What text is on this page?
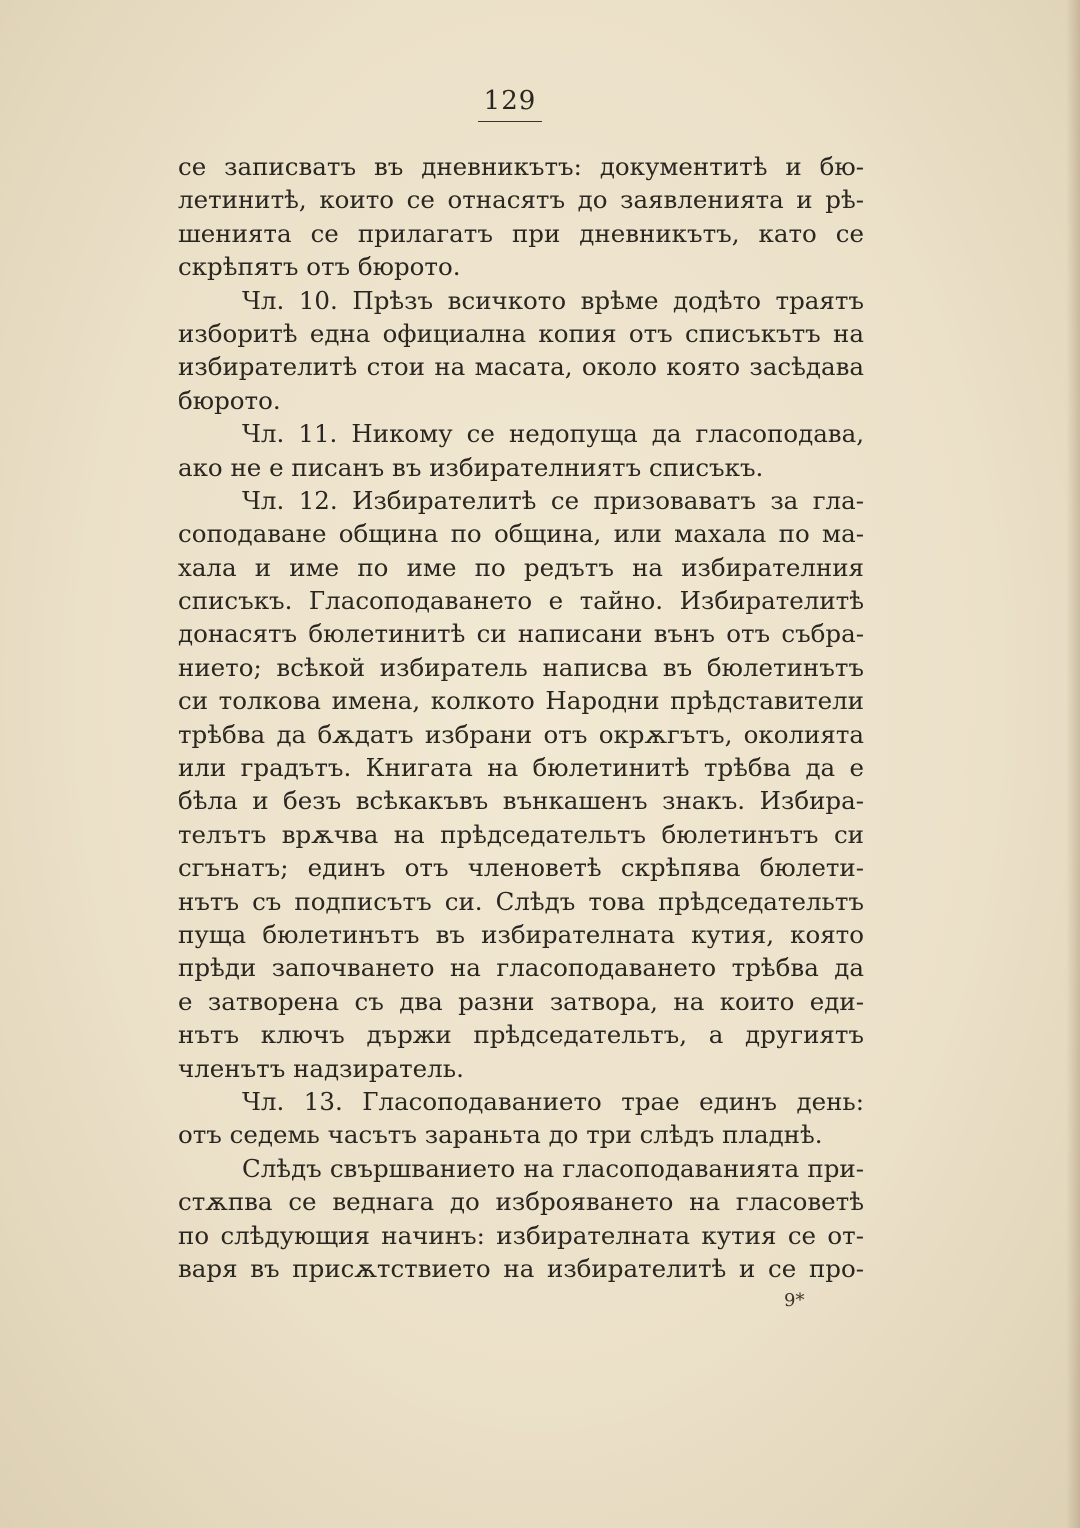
129
се записватъ въ дневникътъ: документитѣ и бю-
летинитѣ, които се отнасятъ до заявленията и рѣ-
шенията се прилагатъ при дневникътъ, като се
скрѣпятъ отъ бюрото.
Чл. 10. Прѣзъ всичкото врѣме додѣто траятъ
изборитѣ една официална копия отъ списъкътъ на
избирателитѣ стои на масата, около която засѣдава
бюрото.
Чл. 11. Никому се недопуща да гласоподава,
ако не е писанъ въ избирателниятъ списъкъ.
Чл. 12. Избирателитѣ се призоваватъ за гла-
соподаване община по община, или махала по ма-
хала и име по име по редътъ на избирателния
списъкъ. Гласоподаването е тайно. Избирателитѣ
донасятъ бюлетинитѣ си написани вънъ отъ събра-
нието; всѣкой избиратель написва въ бюлетинътъ
си толкова имена, колкото Народни прѣдставители
трѣбва да бѫдатъ избрани отъ окрѫгътъ, околията
или градътъ. Книгата на бюлетинитѣ трѣбва да е
бѣла и безъ всѣкакъвъ вънкашенъ знакъ. Избира-
телътъ врѫчва на прѣдседательтъ бюлетинътъ си
сгънатъ; единъ отъ членоветѣ скрѣпява бюлети-
нътъ съ подписътъ си. Слѣдъ това прѣдседательтъ
пуща бюлетинътъ въ избирателната кутия, която
прѣди започването на гласоподаването трѣбва да
е затворена съ два разни затвора, на които еди-
нътъ ключъ държи прѣдседательтъ, а другиятъ
членътъ надзиратель.
Чл. 13. Гласоподаванието трае единъ день:
отъ седемь часътъ зараньта до три слѣдъ пладнѣ.
Слѣдъ свършванието на гласоподаванията при-
стѫпва се веднага до изброяването на гласоветѣ
по слѣдующия начинъ: избирателната кутия се от-
варя въ присѫтствието на избирателитѣ и се про-
9*
